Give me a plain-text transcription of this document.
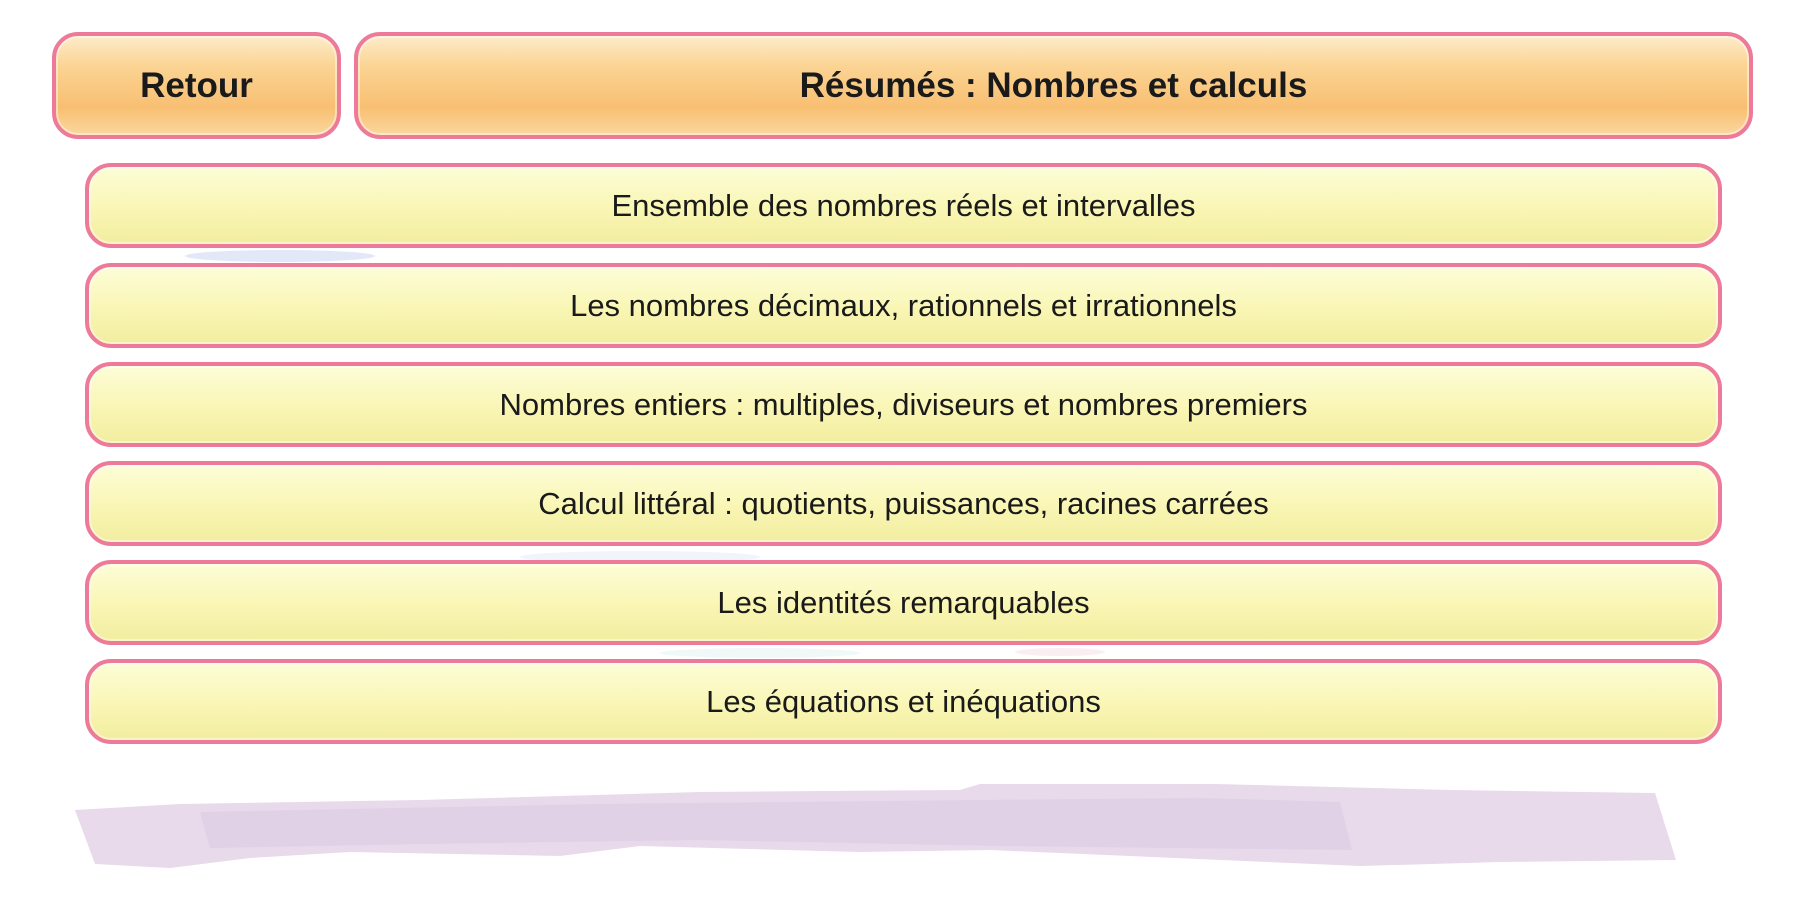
Retour	Résumés : Nombres et calculs
Ensemble des nombres réels et intervalles
Les nombres décimaux, rationnels et irrationnels
Nombres entiers : multiples, diviseurs et nombres premiers
Calcul littéral : quotients, puissances, racines carrées
Les identités remarquables
Les équations et inéquations
